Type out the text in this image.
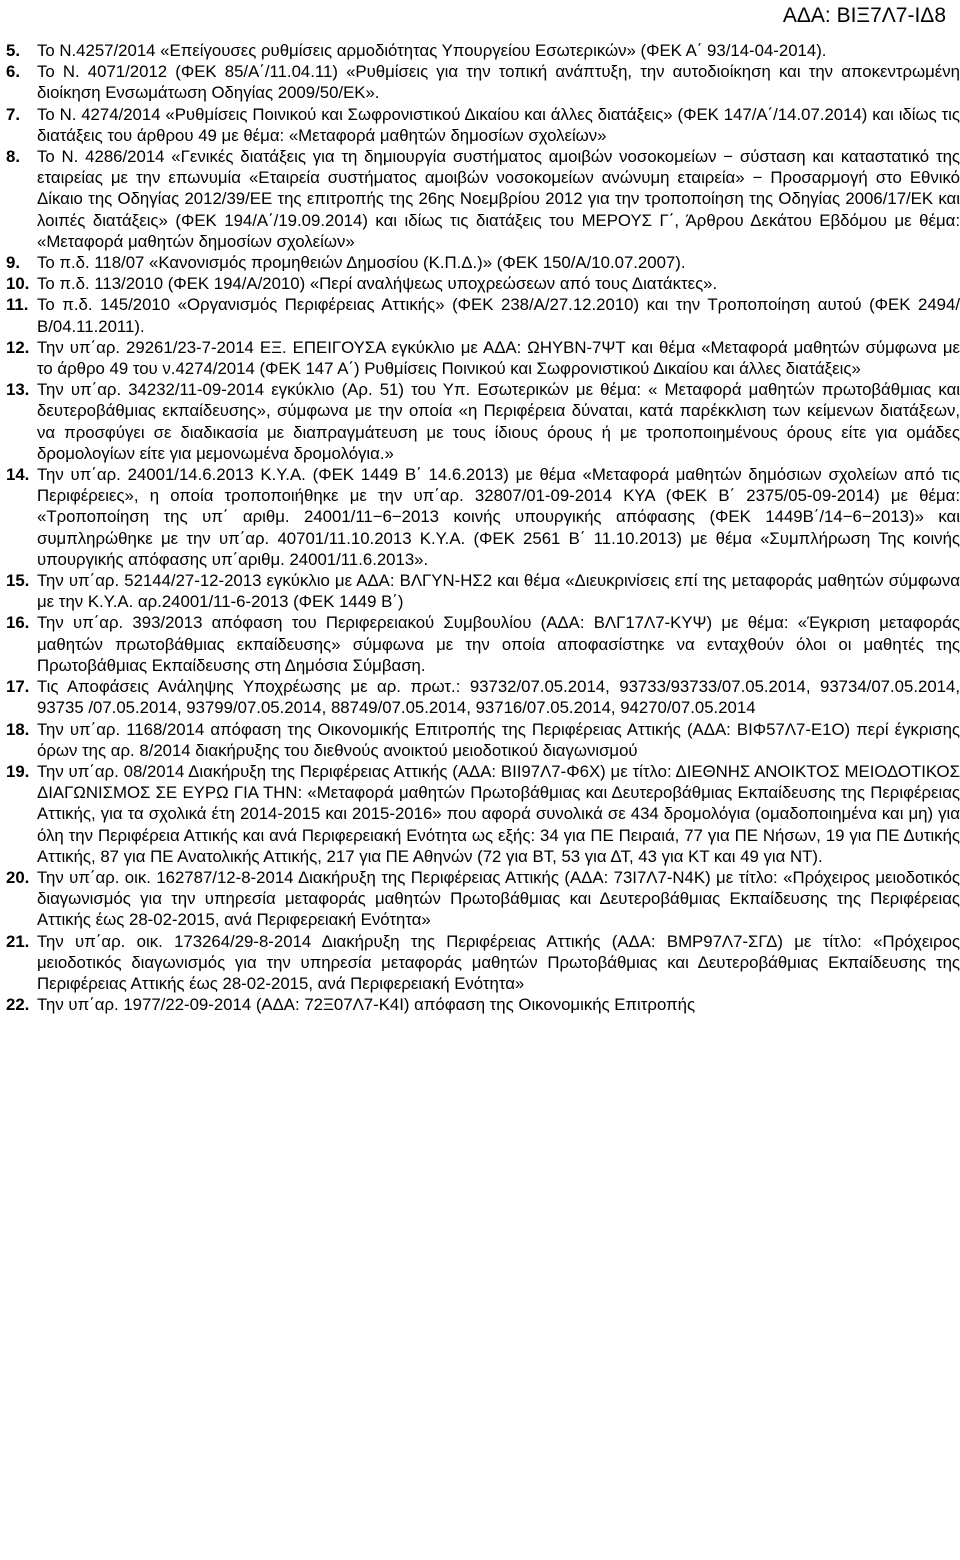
ΑΔΑ: ΒΙΞ7Λ7-ΙΔ8
5.	Το Ν.4257/2014 «Επείγουσες ρυθμίσεις αρμοδιότητας Υπουργείου Εσωτερικών» (ΦΕΚ Α΄ 93/14-04-2014).
6.	Το Ν. 4071/2012 (ΦΕΚ 85/Α΄/11.04.11) «Ρυθμίσεις για την τοπική ανάπτυξη, την αυτοδιοίκηση και την αποκεντρωμένη διοίκηση Ενσωμάτωση Οδηγίας 2009/50/ΕΚ».
7.	Το Ν. 4274/2014 «Ρυθμίσεις Ποινικού και Σωφρονιστικού Δικαίου και άλλες διατάξεις» (ΦΕΚ 147/Α΄/14.07.2014) και ιδίως τις διατάξεις του άρθρου 49 με θέμα: «Μεταφορά μαθητών δημοσίων σχολείων»
8.	Το Ν. 4286/2014 «Γενικές διατάξεις για τη δημιουργία συστήματος αμοιβών νοσοκομείων − σύσταση και καταστατικό της εταιρείας με την επωνυμία «Εταιρεία συστήματος αμοιβών νοσοκομείων ανώνυμη εταιρεία» − Προσαρμογή στο Εθνικό Δίκαιο της Οδηγίας 2012/39/ΕΕ της επιτροπής της 26ης Νοεμβρίου 2012 για την τροποποίηση της Οδηγίας 2006/17/ΕΚ και λοιπές διατάξεις» (ΦΕΚ 194/Α΄/19.09.2014) και ιδίως τις διατάξεις του ΜΕΡΟΥΣ Γ΄, Άρθρου Δεκάτου Εβδόμου με θέμα: «Μεταφορά μαθητών δημοσίων σχολείων»
9.	Το π.δ. 118/07 «Κανονισμός προμηθειών Δημοσίου (Κ.Π.Δ.)» (ΦΕΚ 150/Α/10.07.2007).
10. Το π.δ. 113/2010 (ΦΕΚ 194/Α/2010) «Περί αναλήψεως υποχρεώσεων από τους Διατάκτες».
11. Το π.δ. 145/2010 «Οργανισμός Περιφέρειας Αττικής» (ΦΕΚ 238/Α/27.12.2010) και την Τροποποίηση αυτού (ΦΕΚ 2494/Β/04.11.2011).
12. Την υπ΄αρ. 29261/23-7-2014 ΕΞ. ΕΠΕΙΓΟΥΣΑ εγκύκλιο με ΑΔΑ: ΩΗΥΒΝ-7ΨΤ και θέμα «Μεταφορά μαθητών σύμφωνα με το άρθρο 49 του ν.4274/2014 (ΦΕΚ 147 Α΄) Ρυθμίσεις Ποινικού και Σωφρονιστικού Δικαίου και άλλες διατάξεις»
13. Την υπ΄αρ. 34232/11-09-2014 εγκύκλιο (Αρ. 51) του Υπ. Εσωτερικών με θέμα: « Μεταφορά μαθητών πρωτοβάθμιας και δευτεροβάθμιας εκπαίδευσης», σύμφωνα με την οποία «η Περιφέρεια δύναται, κατά παρέκκλιση των κείμενων διατάξεων, να προσφύγει σε διαδικασία με διαπραγμάτευση με τους ίδιους όρους ή με τροποποιημένους όρους είτε για ομάδες δρομολογίων είτε για μεμονωμένα δρομολόγια.»
14. Την υπ΄αρ. 24001/14.6.2013 Κ.Υ.Α. (ΦΕΚ 1449 Β΄ 14.6.2013) με θέμα «Μεταφορά μαθητών δημόσιων σχολείων από τις Περιφέρειες», η οποία τροποποιήθηκε με την υπ΄αρ. 32807/01-09-2014 ΚΥΑ (ΦΕΚ Β΄ 2375/05-09-2014) με θέμα: «Τροποποίηση της υπ΄ αριθμ. 24001/11−6−2013 κοινής υπουργικής απόφασης (ΦΕΚ 1449Β΄/14−6−2013)» και συμπληρώθηκε με την υπ΄αρ. 40701/11.10.2013 Κ.Υ.Α. (ΦΕΚ 2561 Β΄ 11.10.2013) με θέμα «Συμπλήρωση Της κοινής υπουργικής απόφασης υπ΄αριθμ. 24001/11.6.2013».
15. Την υπ΄αρ. 52144/27-12-2013 εγκύκλιο με ΑΔΑ: ΒΛΓΥΝ-ΗΣ2 και θέμα «Διευκρινίσεις επί της μεταφοράς μαθητών σύμφωνα με την Κ.Υ.Α. αρ.24001/11-6-2013 (ΦΕΚ 1449 Β΄)
16. Την υπ΄αρ. 393/2013 απόφαση του Περιφερειακού Συμβουλίου (ΑΔΑ: ΒΛΓ17Λ7-ΚΥΨ) με θέμα: «Έγκριση μεταφοράς μαθητών πρωτοβάθμιας εκπαίδευσης» σύμφωνα με την οποία αποφασίστηκε να ενταχθούν όλοι οι μαθητές της Πρωτοβάθμιας Εκπαίδευσης στη Δημόσια Σύμβαση.
17. Τις Αποφάσεις Ανάληψης Υποχρέωσης με αρ. πρωτ.: 93732/07.05.2014, 93733/93733/07.05.2014, 93734/07.05.2014, 93735 /07.05.2014, 93799/07.05.2014, 88749/07.05.2014, 93716/07.05.2014, 94270/07.05.2014
18. Την υπ΄αρ. 1168/2014 απόφαση της Οικονομικής Επιτροπής της Περιφέρειας Αττικής (ΑΔΑ: ΒΙΦ57Λ7-Ε1Ο) περί έγκρισης όρων της αρ. 8/2014 διακήρυξης του διεθνούς ανοικτού μειοδοτικού διαγωνισμού
19. Την υπ΄αρ. 08/2014 Διακήρυξη της Περιφέρειας Αττικής (ΑΔΑ: ΒΙΙ97Λ7-Φ6Χ) με τίτλο: ΔΙΕΘΝΗΣ ΑΝΟΙΚΤΟΣ ΜΕΙΟΔΟΤΙΚΟΣ ΔΙΑΓΩΝΙΣΜΟΣ ΣΕ ΕΥΡΩ ΓΙΑ ΤΗΝ: «Μεταφορά μαθητών Πρωτοβάθμιας και Δευτεροβάθμιας Εκπαίδευσης της Περιφέρειας Αττικής, για τα σχολικά έτη 2014-2015 και 2015-2016» που αφορά συνολικά σε 434 δρομολόγια (ομαδοποιημένα και μη) για όλη την Περιφέρεια Αττικής και ανά Περιφερειακή Ενότητα ως εξής: 34 για ΠΕ Πειραιά, 77 για ΠΕ Νήσων, 19 για ΠΕ Δυτικής Αττικής, 87 για ΠΕ Ανατολικής Αττικής, 217 για ΠΕ Αθηνών (72 για ΒΤ, 53 για ΔΤ, 43 για ΚΤ και 49 για ΝΤ).
20. Την υπ΄αρ. οικ. 162787/12-8-2014 Διακήρυξη της Περιφέρειας Αττικής (ΑΔΑ: 73Ι7Λ7-Ν4Κ) με τίτλο: «Πρόχειρος μειοδοτικός διαγωνισμός για την υπηρεσία μεταφοράς μαθητών Πρωτοβάθμιας και Δευτεροβάθμιας Εκπαίδευσης της Περιφέρειας Αττικής έως 28-02-2015, ανά Περιφερειακή Ενότητα»
21. Την υπ΄αρ. οικ. 173264/29-8-2014 Διακήρυξη της Περιφέρειας Αττικής (ΑΔΑ: ΒΜΡ97Λ7-ΣΓΔ) με τίτλο: «Πρόχειρος μειοδοτικός διαγωνισμός για την υπηρεσία μεταφοράς μαθητών Πρωτοβάθμιας και Δευτεροβάθμιας Εκπαίδευσης της Περιφέρειας Αττικής έως 28-02-2015, ανά Περιφερειακή Ενότητα»
22. Την υπ΄αρ. 1977/22-09-2014 (ΑΔΑ: 72Ξ07Λ7-Κ4Ι) απόφαση της Οικονομικής Επιτροπής
